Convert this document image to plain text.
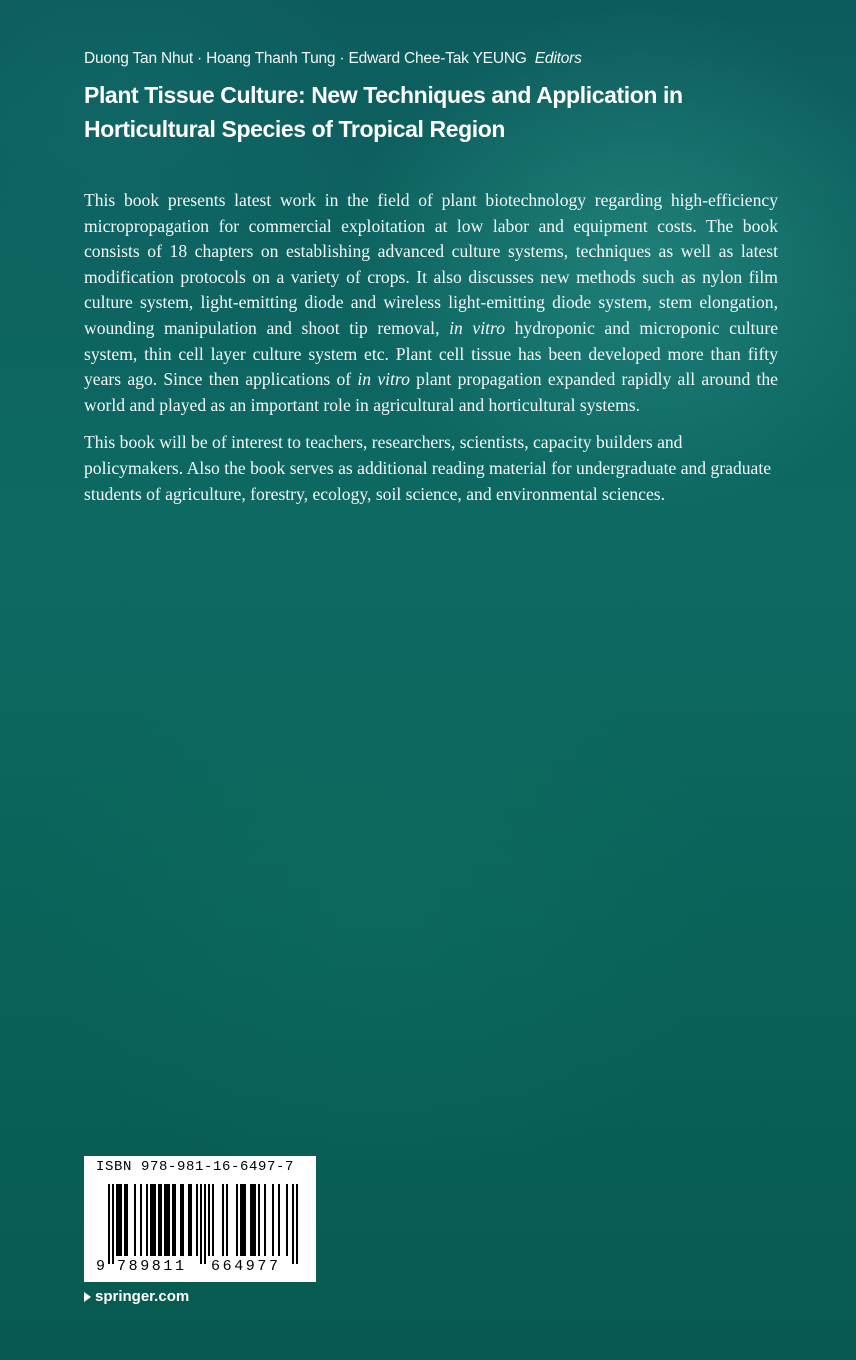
Duong Tan Nhut · Hoang Thanh Tung · Edward Chee-Tak YEUNG Editors
Plant Tissue Culture: New Techniques and Application in
Horticultural Species of Tropical Region

This book presents latest work in the field of plant biotechnology regarding high-efficiency micropropagation for commercial exploitation at low labor and equipment costs. The book consists of 18 chapters on establishing advanced culture systems, techniques as well as latest modification protocols on a variety of crops. It also discusses new methods such as nylon film culture system, light-emitting diode and wireless light-emitting diode system, stem elongation, wounding manipulation and shoot tip removal, in vitro hydroponic and microponic culture system, thin cell layer culture system etc. Plant cell tissue has been developed more than fifty years ago. Since then applications of in vitro plant propagation expanded rapidly all around the world and played as an important role in agricultural and horticultural systems.

This book will be of interest to teachers, researchers, scientists, capacity builders and policymakers. Also the book serves as additional reading material for undergraduate and graduate students of agriculture, forestry, ecology, soil science, and environmental sciences.

ISBN 978-981-16-6497-7
9 789811 664977
springer.com
